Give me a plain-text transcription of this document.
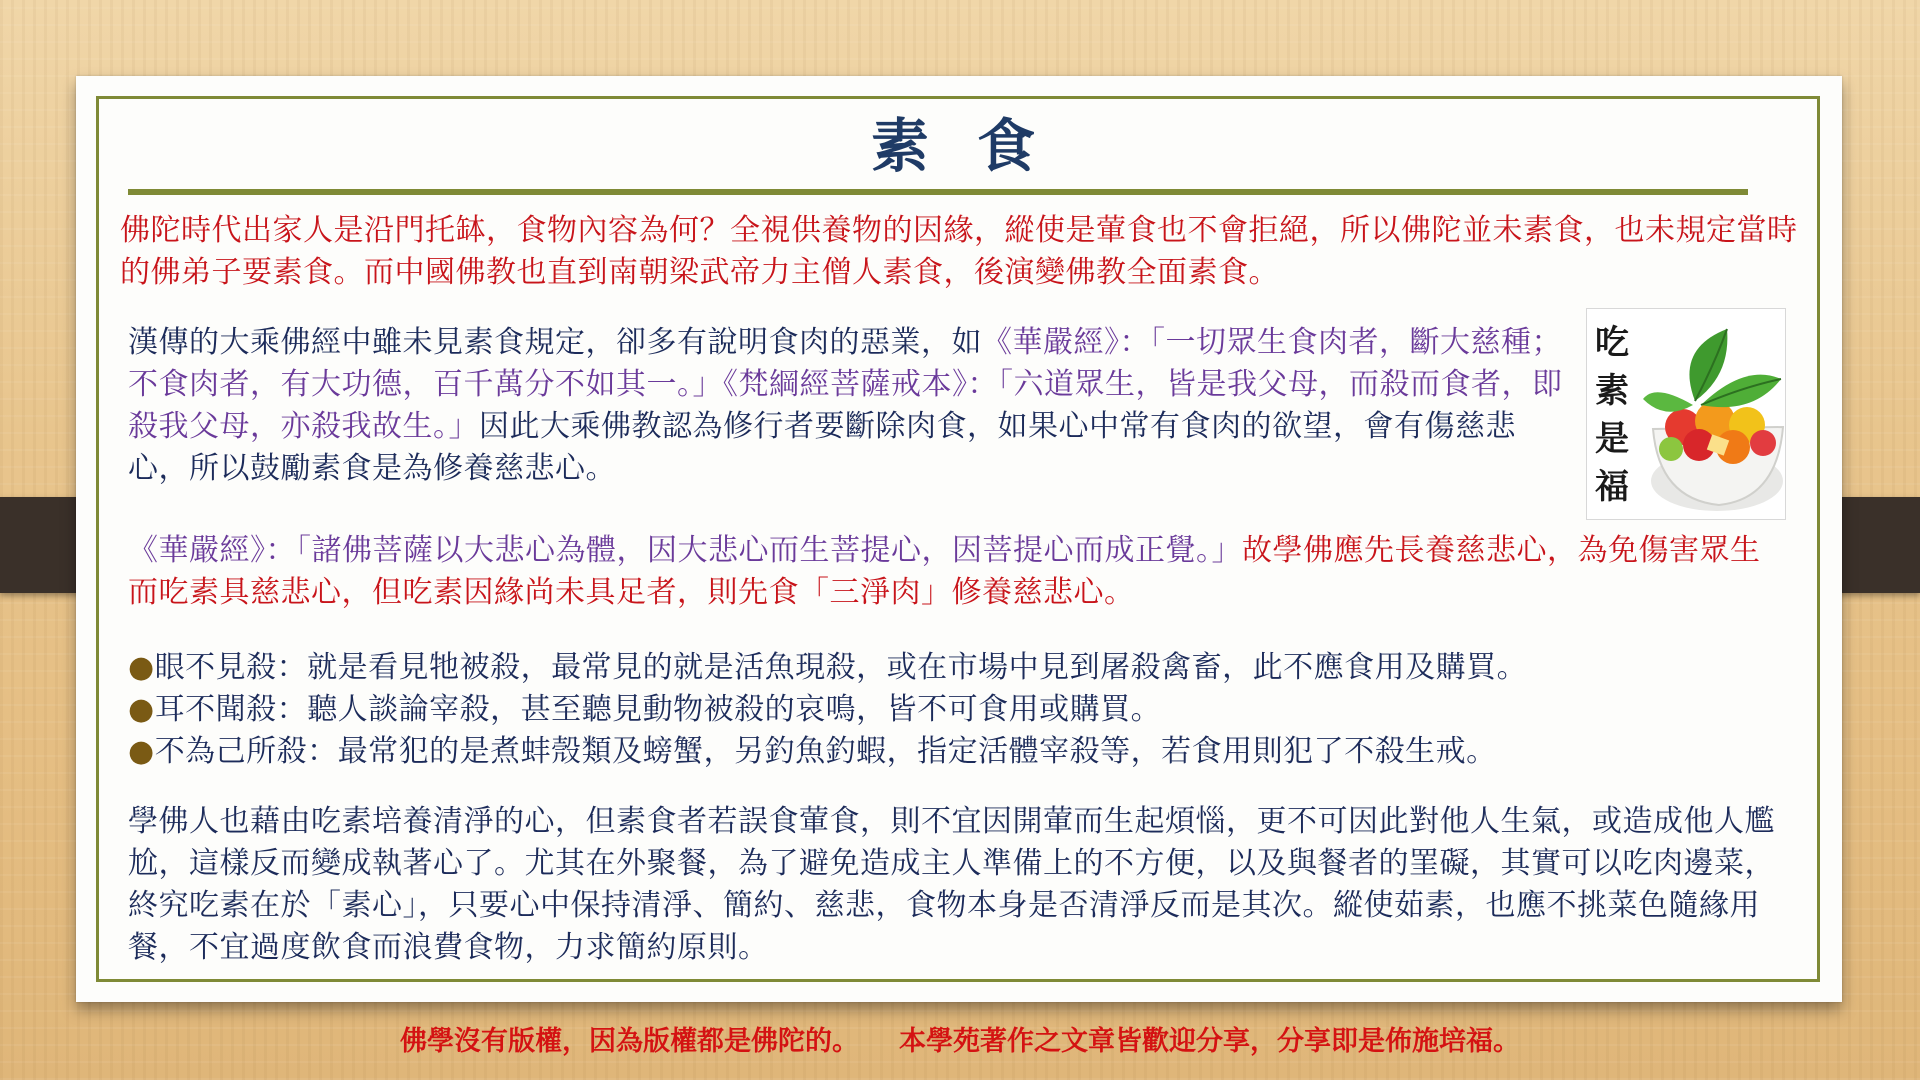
素 食
佛陀時代出家人是沿門托缽，食物內容為何？全視供養物的因緣，縱使是葷食也不會拒絕，所以佛陀並未素食，也未規定當時的佛弟子要素食。而中國佛教也直到南朝梁武帝力主僧人素食，後演變佛教全面素食。
漢傳的大乘佛經中雖未見素食規定，卻多有說明食肉的惡業，如《華嚴經》：「一切眾生食肉者，斷大慈種；不食肉者，有大功德，百千萬分不如其一。」《梵綱經菩薩戒本》：「六道眾生，皆是我父母，而殺而食者，即殺我父母，亦殺我故生。」因此大乘佛教認為修行者要斷除肉食，如果心中常有食肉的欲望，會有傷慈悲心，所以鼓勵素食是為修養慈悲心。
吃
素
是
福
《華嚴經》：「諸佛菩薩以大悲心為體，因大悲心而生菩提心，因菩提心而成正覺。」故學佛應先長養慈悲心，為免傷害眾生而吃素具慈悲心，但吃素因緣尚未具足者，則先食「三淨肉」修養慈悲心。
●眼不見殺：就是看見牠被殺，最常見的就是活魚現殺，或在市場中見到屠殺禽畜，此不應食用及購買。
●耳不聞殺：聽人談論宰殺，甚至聽見動物被殺的哀鳴，皆不可食用或購買。
●不為己所殺：最常犯的是煮蚌殼類及螃蟹，另釣魚釣蝦，指定活體宰殺等，若食用則犯了不殺生戒。
學佛人也藉由吃素培養清淨的心，但素食者若誤食葷食，則不宜因開葷而生起煩惱，更不可因此對他人生氣，或造成他人尷尬，這樣反而變成執著心了。尤其在外聚餐，為了避免造成主人準備上的不方便，以及與餐者的罣礙，其實可以吃肉邊菜，終究吃素在於「素心」，只要心中保持清淨、簡約、慈悲，食物本身是否清淨反而是其次。縱使茹素，也應不挑菜色隨緣用餐，不宜過度飲食而浪費食物，力求簡約原則。
佛學沒有版權，因為版權都是佛陀的。 本學苑著作之文章皆歡迎分享，分享即是佈施培福。
